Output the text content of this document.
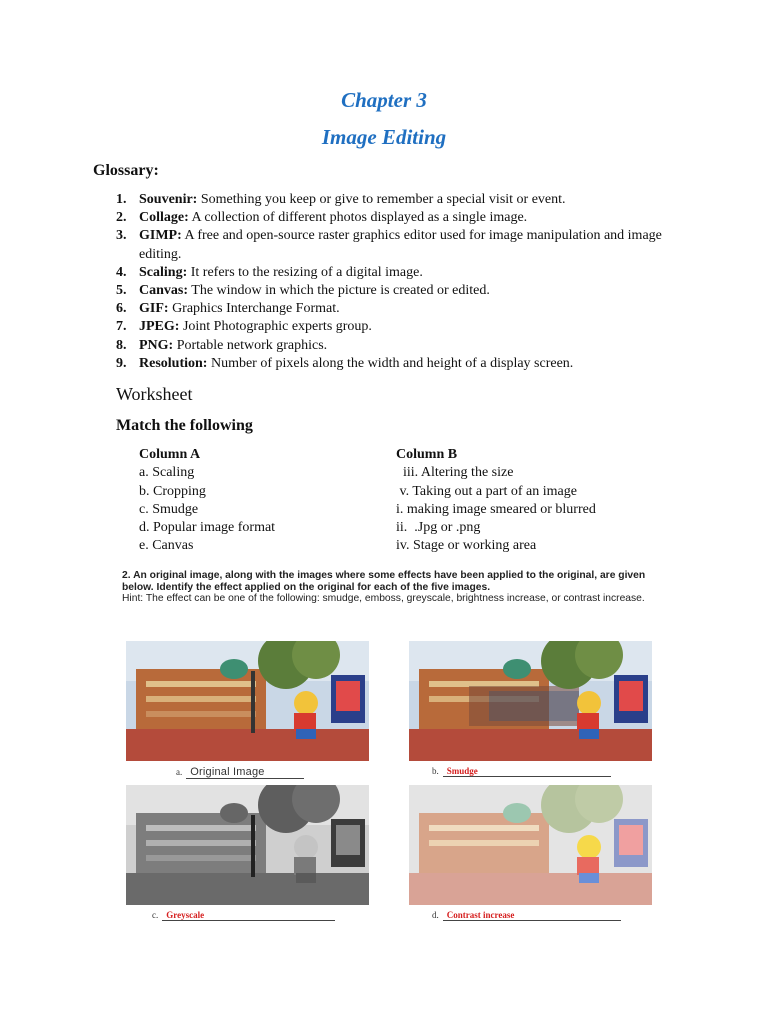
Chapter 3
Image Editing
Glossary:
1. Souvenir: Something you keep or give to remember a special visit or event.
2. Collage: A collection of different photos displayed as a single image.
3. GIMP: A free and open-source raster graphics editor used for image manipulation and image editing.
4. Scaling: It refers to the resizing of a digital image.
5. Canvas: The window in which the picture is created or edited.
6. GIF: Graphics Interchange Format.
7. JPEG: Joint Photographic experts group.
8. PNG: Portable network graphics.
9. Resolution: Number of pixels along the width and height of a display screen.
Worksheet
Match the following
Column A
a. Scaling
b. Cropping
c. Smudge
d. Popular image format
e. Canvas
Column B
iii. Altering the size
v. Taking out a part of an image
i. making image smeared or blurred
ii.  .Jpg or .png
iv. Stage or working area
2. An original image, along with the images where some effects have been applied to the original, are given below. Identify the effect applied on the original for each of the five images.
Hint: The effect can be one of the following: smudge, emboss, greyscale, brightness increase, or contrast increase.
a. Original Image	b. Smudge
c. Greyscale	d. Contrast increase
